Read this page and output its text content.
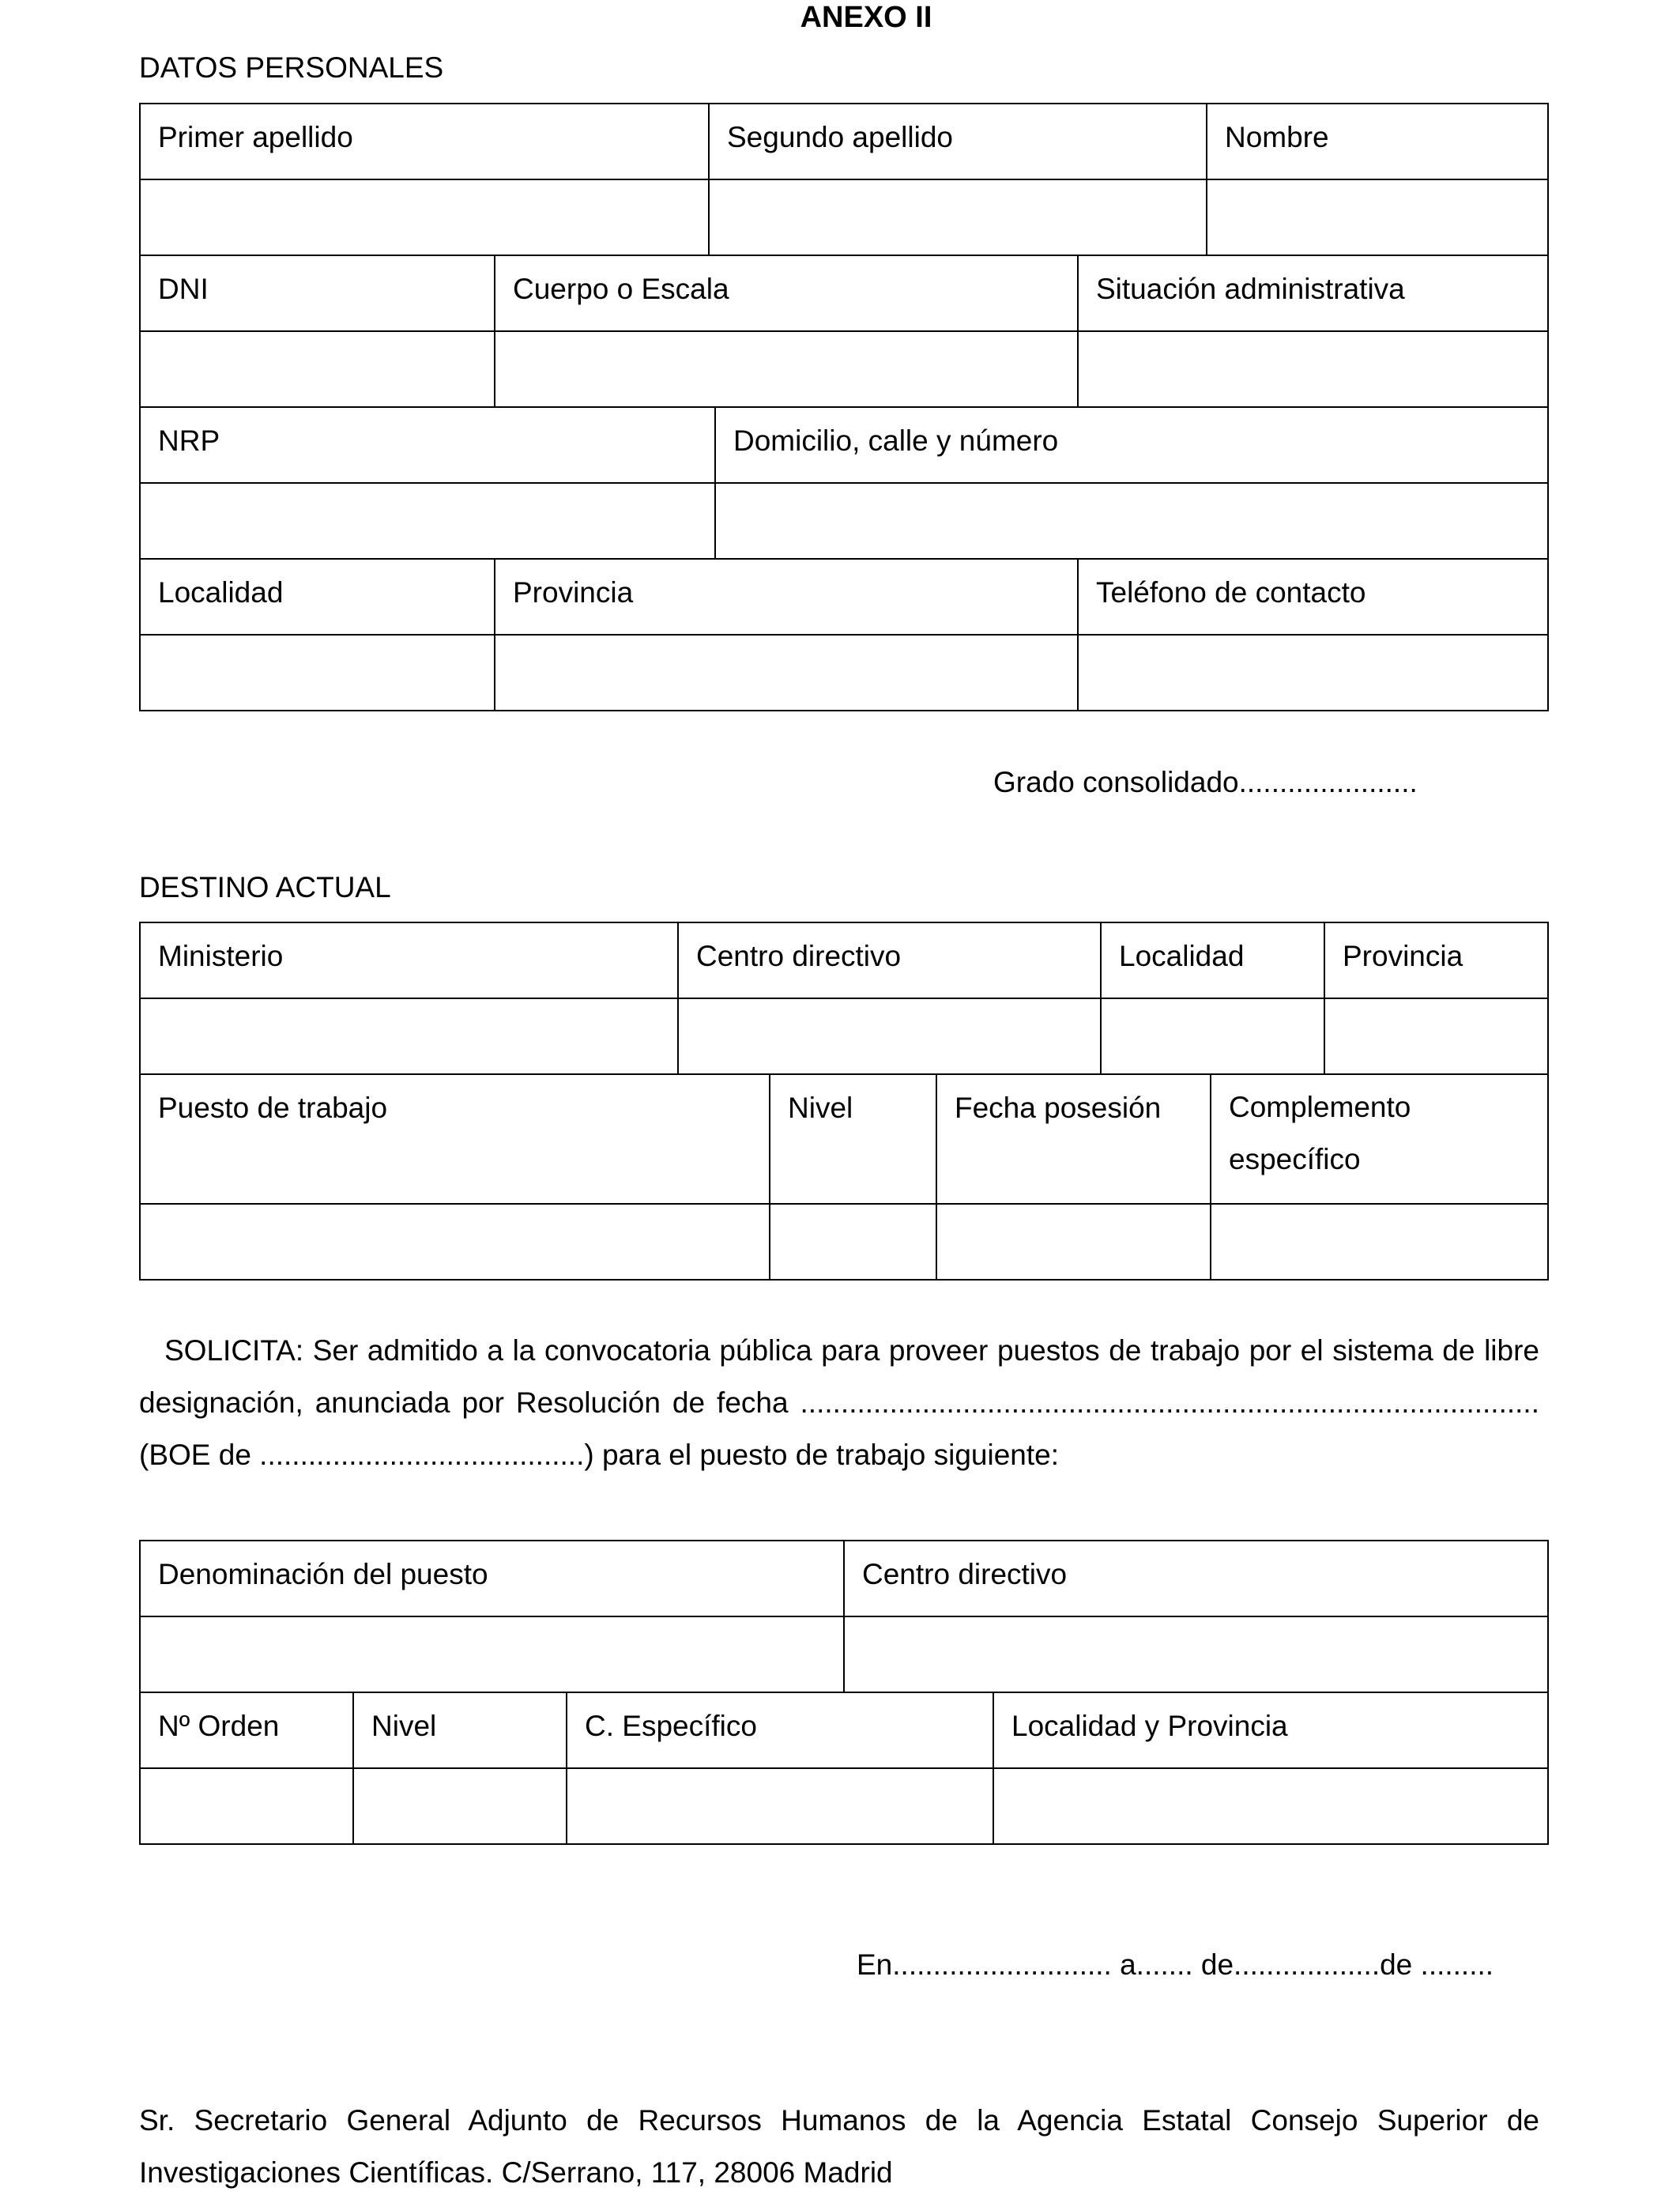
ANEXO II
DATOS PERSONALES
Primer apellido	Segundo apellido	Nombre

DNI	Cuerpo o Escala	Situación administrativa

NRP	Domicilio, calle y número

Localidad	Provincia	Teléfono de contacto

Grado consolidado......................
DESTINO ACTUAL
Ministerio	Centro directivo	Localidad	Provincia

Puesto de trabajo	Nivel	Fecha posesión	Complemento específico

SOLICITA: Ser admitido a la convocatoria pública para proveer puestos de trabajo por el sistema de libre

designación, anunciada por Resolución de fecha ...........................................................................................

(BOE de ........................................) para el puesto de trabajo siguiente:

Denominación del puesto	Centro directivo

Nº Orden	Nivel	C. Específico	Localidad y Provincia

En........................... a....... de..................de .........

Sr. Secretario General Adjunto de Recursos Humanos de la Agencia Estatal Consejo Superior de

Investigaciones Científicas. C/Serrano, 117, 28006 Madrid
